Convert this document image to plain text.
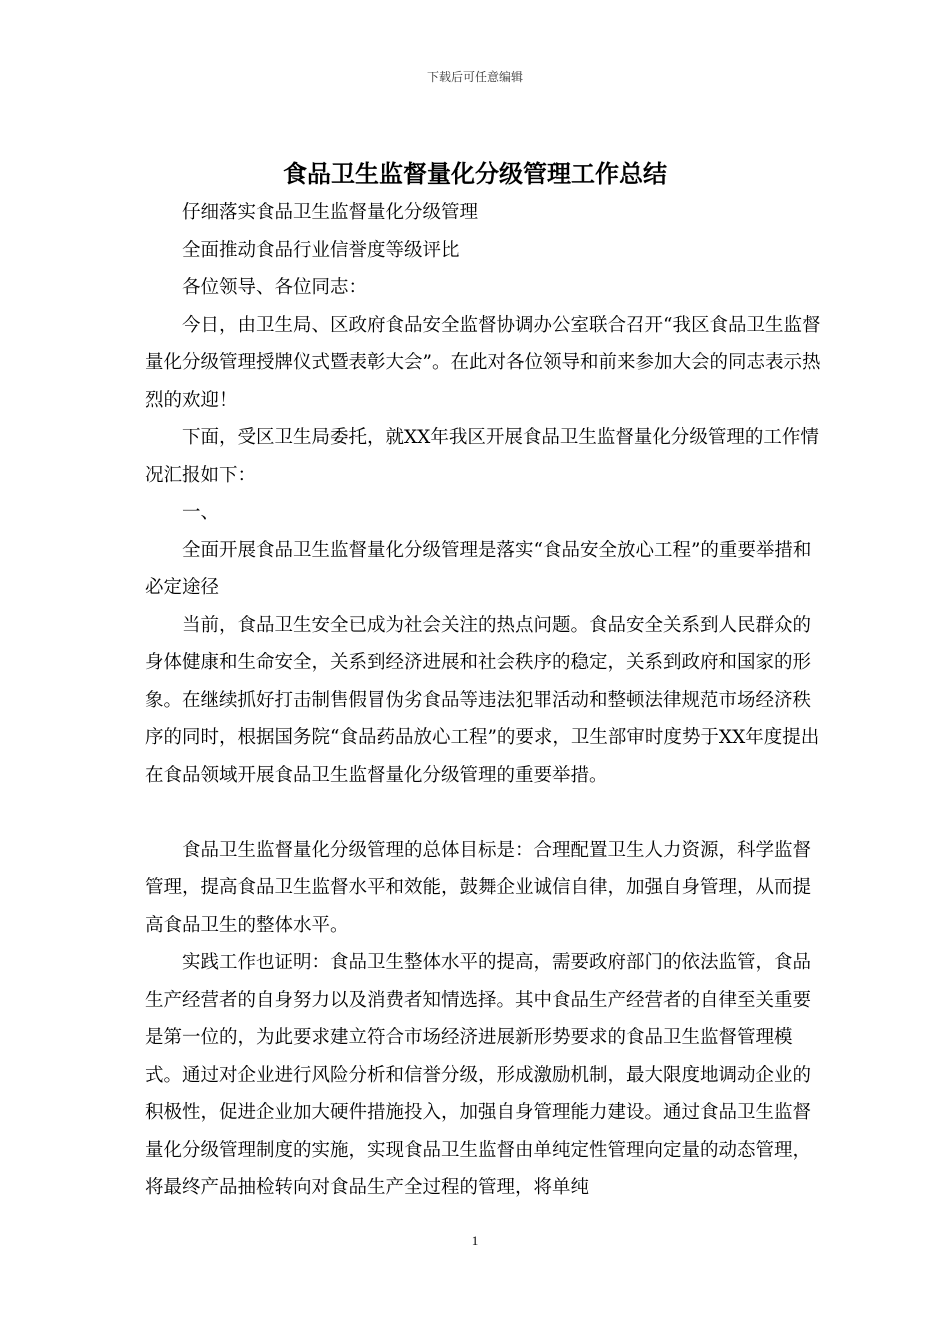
下载后可任意编辑
食品卫生监督量化分级管理工作总结

仔细落实食品卫生监督量化分级管理

全面推动食品行业信誉度等级评比

各位领导、各位同志：

今日，由卫生局、区政府食品安全监督协调办公室联合召开“我区食品卫生监督量化分级管理授牌仪式暨表彰大会”。在此对各位领导和前来参加大会的同志表示热烈的欢迎！

下面，受区卫生局委托，就XX年我区开展食品卫生监督量化分级管理的工作情况汇报如下：

一、

全面开展食品卫生监督量化分级管理是落实“食品安全放心工程”的重要举措和必定途径

当前，食品卫生安全已成为社会关注的热点问题。食品安全关系到人民群众的身体健康和生命安全，关系到经济进展和社会秩序的稳定，关系到政府和国家的形象。在继续抓好打击制售假冒伪劣食品等违法犯罪活动和整顿法律规范市场经济秩序的同时，根据国务院“食品药品放心工程”的要求，卫生部审时度势于XX年度提出在食品领域开展食品卫生监督量化分级管理的重要举措。

食品卫生监督量化分级管理的总体目标是：合理配置卫生人力资源，科学监督管理，提高食品卫生监督水平和效能，鼓舞企业诚信自律，加强自身管理，从而提高食品卫生的整体水平。

实践工作也证明：食品卫生整体水平的提高，需要政府部门的依法监管，食品生产经营者的自身努力以及消费者知情选择。其中食品生产经营者的自律至关重要是第一位的，为此要求建立符合市场经济进展新形势要求的食品卫生监督管理模式。通过对企业进行风险分析和信誉分级，形成激励机制，最大限度地调动企业的积极性，促进企业加大硬件措施投入，加强自身管理能力建设。通过食品卫生监督量化分级管理制度的实施，实现食品卫生监督由单纯定性管理向定量的动态管理，将最终产品抽检转向对食品生产全过程的管理，将单纯

1
